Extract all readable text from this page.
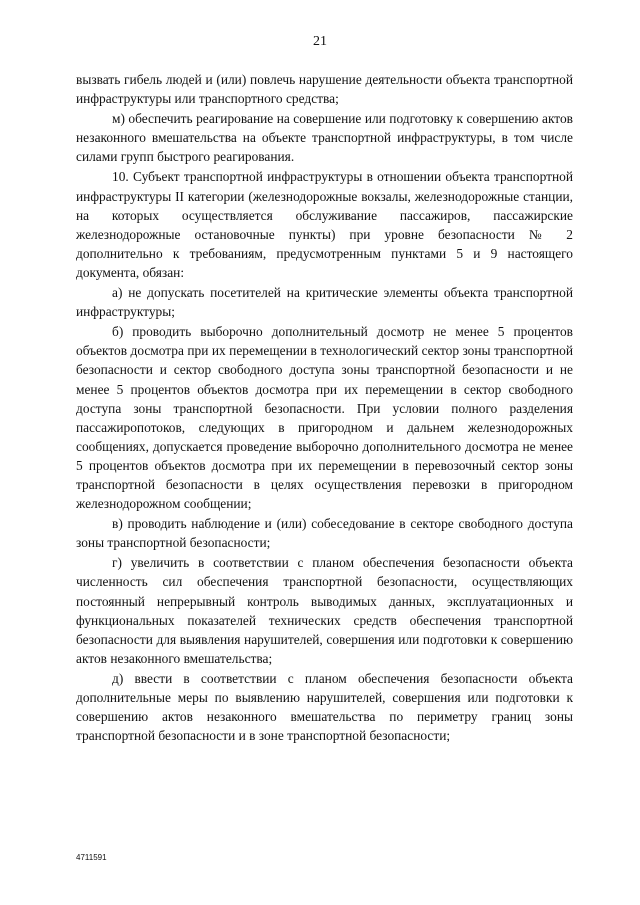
21

вызвать гибель людей и (или) повлечь нарушение деятельности объекта транспортной инфраструктуры или транспортного средства;

м) обеспечить реагирование на совершение или подготовку к совершению актов незаконного вмешательства на объекте транспортной инфраструктуры, в том числе силами групп быстрого реагирования.

10. Субъект транспортной инфраструктуры в отношении объекта транспортной инфраструктуры II категории (железнодорожные вокзалы, железнодорожные станции, на которых осуществляется обслуживание пассажиров, пассажирские железнодорожные остановочные пункты) при уровне безопасности № 2 дополнительно к требованиям, предусмотренным пунктами 5 и 9 настоящего документа, обязан:

а) не допускать посетителей на критические элементы объекта транспортной инфраструктуры;

б) проводить выборочно дополнительный досмотр не менее 5 процентов объектов досмотра при их перемещении в технологический сектор зоны транспортной безопасности и сектор свободного доступа зоны транспортной безопасности и не менее 5 процентов объектов досмотра при их перемещении в сектор свободного доступа зоны транспортной безопасности. При условии полного разделения пассажиропотоков, следующих в пригородном и дальнем железнодорожных сообщениях, допускается проведение выборочно дополнительного досмотра не менее 5 процентов объектов досмотра при их перемещении в перевозочный сектор зоны транспортной безопасности в целях осуществления перевозки в пригородном железнодорожном сообщении;

в) проводить наблюдение и (или) собеседование в секторе свободного доступа зоны транспортной безопасности;

г) увеличить в соответствии с планом обеспечения безопасности объекта численность сил обеспечения транспортной безопасности, осуществляющих постоянный непрерывный контроль выводимых данных, эксплуатационных и функциональных показателей технических средств обеспечения транспортной безопасности для выявления нарушителей, совершения или подготовки к совершению актов незаконного вмешательства;

д) ввести в соответствии с планом обеспечения безопасности объекта дополнительные меры по выявлению нарушителей, совершения или подготовки к совершению актов незаконного вмешательства по периметру границ зоны транспортной безопасности и в зоне транспортной безопасности;

4711591
